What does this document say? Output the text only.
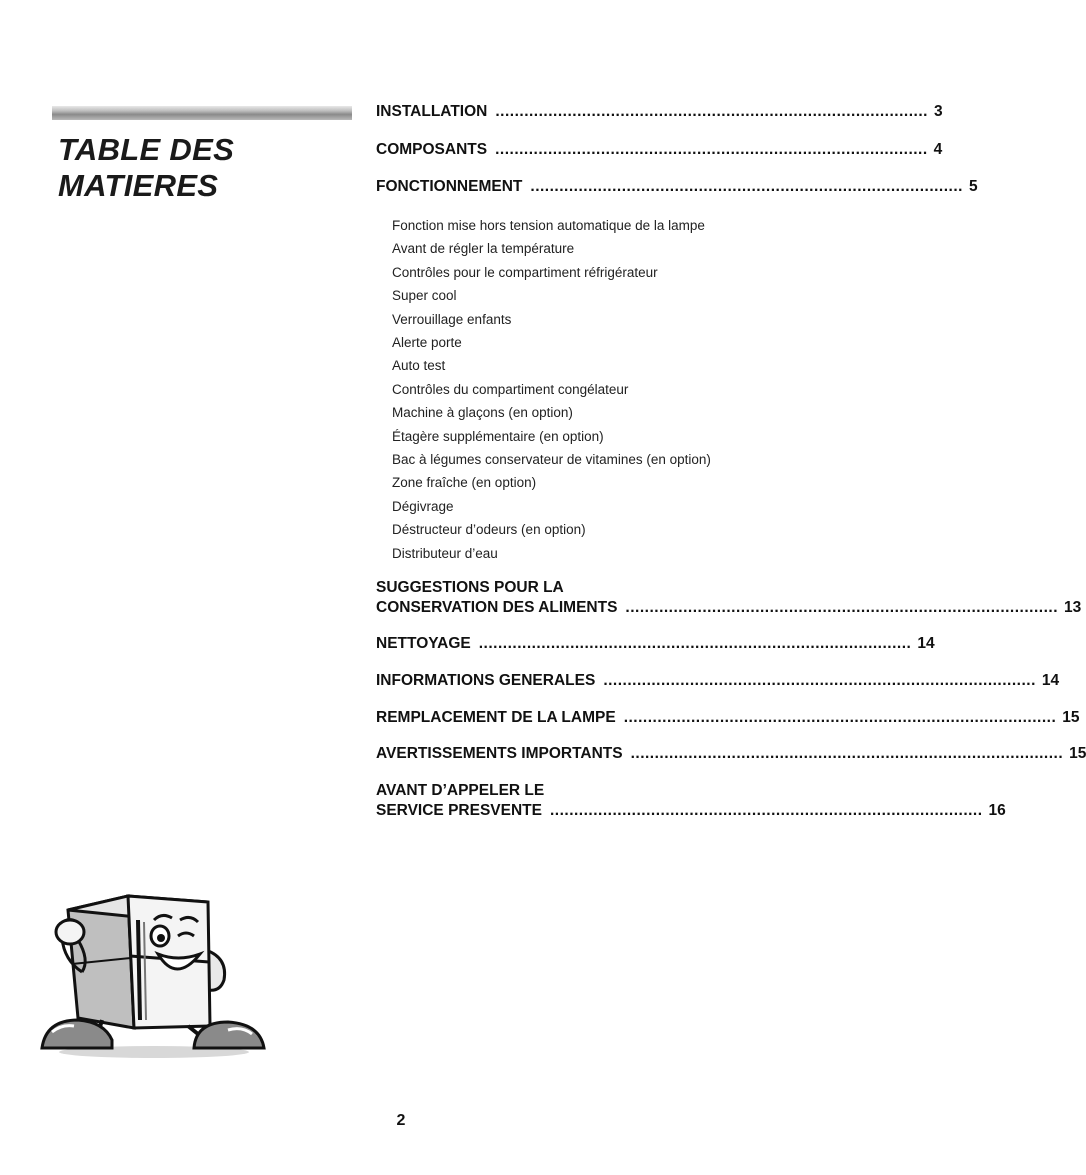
TABLE DES
MATIERES
INSTALLATION .......................................................................................... 3
COMPOSANTS .......................................................................................... 4
FONCTIONNEMENT .......................................................................................... 5
SUGGESTIONS POUR LA
CONSERVATION DES ALIMENTS .......................................................................................... 13
NETTOYAGE .......................................................................................... 14
INFORMATIONS GENERALES .......................................................................................... 14
REMPLACEMENT DE LA LAMPE .......................................................................................... 15
AVERTISSEMENTS IMPORTANTS .......................................................................................... 15
AVANT D’APPELER LE
SERVICE PRESVENTE .......................................................................................... 16
Fonction mise hors tension automatique de la lampe
Avant de régler la température
Contrôles pour le compartiment réfrigérateur
Super cool
Verrouillage enfants
Alerte porte
Auto test
Contrôles du compartiment congélateur
Machine à glaçons (en option)
Étagère supplémentaire (en option)
Bac à légumes conservateur de vitamines (en option)
Zone fraîche (en option)
Dégivrage
Déstructeur d’odeurs (en option)
Distributeur d’eau
2
